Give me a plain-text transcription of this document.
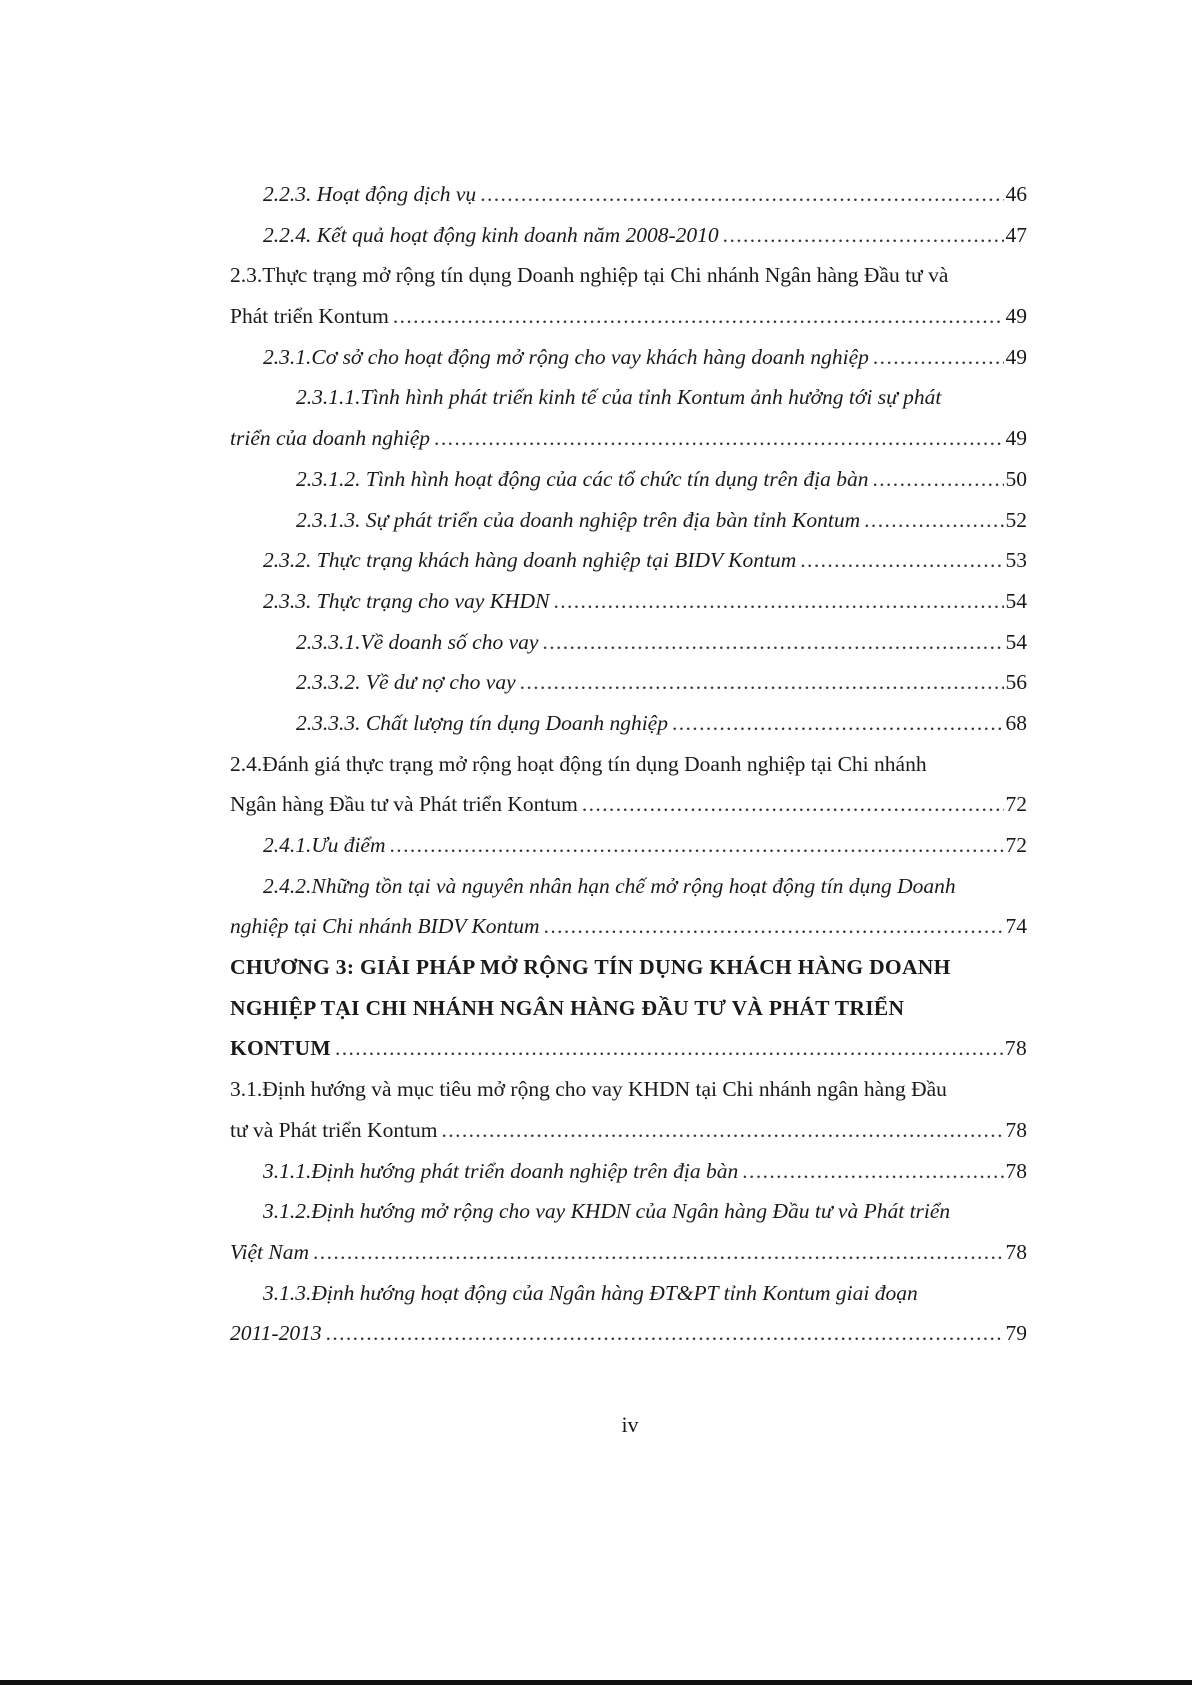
2.2.3. Hoạt động dịch vụ .....	46
2.2.4. Kết quả hoạt động kinh doanh năm 2008-2010 .....	47
2.3.Thực trạng mở rộng tín dụng Doanh nghiệp tại Chi nhánh Ngân hàng Đầu tư và
Phát triển Kontum .....	49
2.3.1.Cơ sở cho hoạt động mở rộng cho vay khách hàng doanh nghiệp .....	49
2.3.1.1.Tình hình phát triển kinh tế của tỉnh Kontum ảnh hưởng tới sự phát
triển của doanh nghiệp .....	49
2.3.1.2. Tình hình hoạt động của các tổ chức tín dụng trên địa bàn .....	50
2.3.1.3. Sự phát triển của doanh nghiệp trên địa bàn tỉnh Kontum .....	52
2.3.2. Thực trạng khách hàng doanh nghiệp tại BIDV Kontum .....	53
2.3.3. Thực trạng cho vay KHDN .....	54
2.3.3.1.Về doanh số cho vay .....	54
2.3.3.2. Về dư nợ cho vay .....	56
2.3.3.3. Chất lượng tín dụng Doanh nghiệp .....	68
2.4.Đánh giá thực trạng mở rộng hoạt động tín dụng Doanh nghiệp tại Chi nhánh
Ngân hàng Đầu tư và Phát triển Kontum .....	72
2.4.1.Ưu điểm .....	72
2.4.2.Những tồn tại và nguyên nhân hạn chế mở rộng hoạt động tín dụng Doanh
nghiệp tại Chi nhánh BIDV Kontum .....	74
CHƯƠNG 3: GIẢI PHÁP MỞ RỘNG TÍN DỤNG KHÁCH HÀNG DOANH
NGHIỆP TẠI CHI NHÁNH NGÂN HÀNG ĐẦU TƯ VÀ PHÁT TRIỂN
KONTUM .....	78
3.1.Định hướng và mục tiêu mở rộng cho vay KHDN tại Chi nhánh ngân hàng Đầu
tư và Phát triển Kontum .....	78
3.1.1.Định hướng phát triển doanh nghiệp trên địa bàn .....	78
3.1.2.Định hướng mở rộng cho vay KHDN của Ngân hàng Đầu tư và Phát triển
Việt Nam .....	78
3.1.3.Định hướng hoạt động của Ngân hàng ĐT&PT tỉnh Kontum giai đoạn
2011-2013 .....	79
iv
